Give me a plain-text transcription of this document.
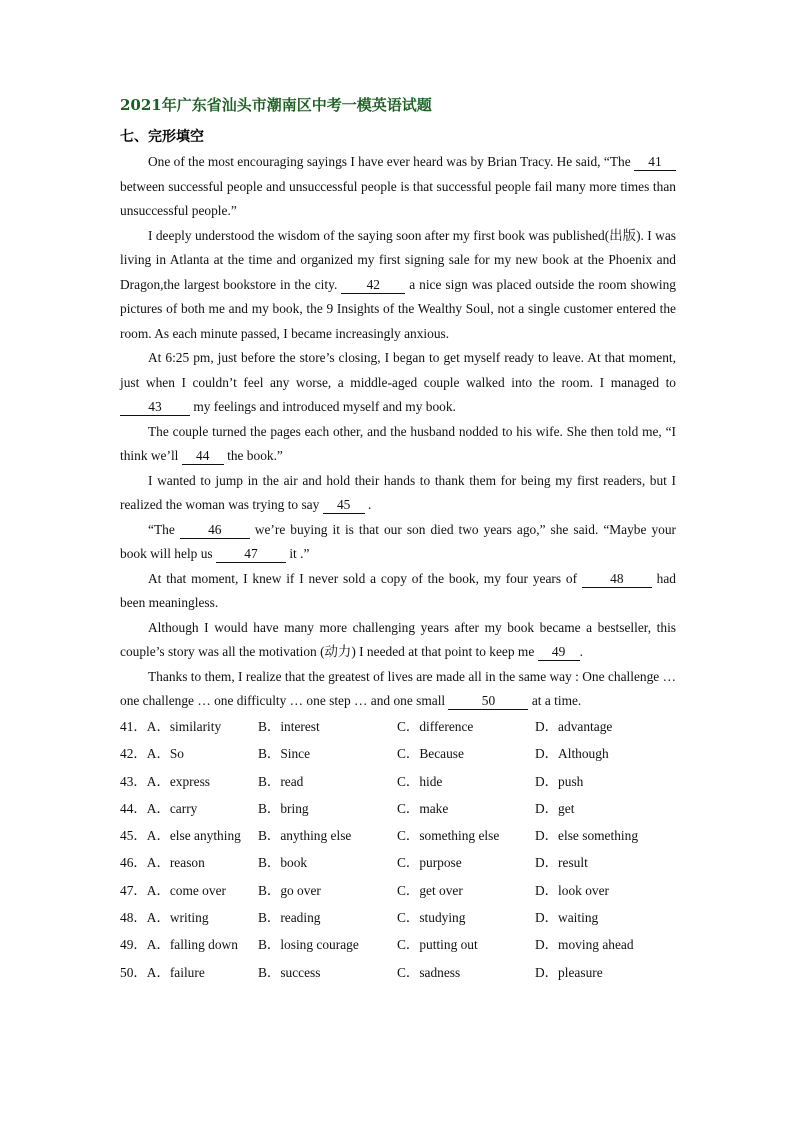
2021年广东省汕头市潮南区中考一模英语试题
七、完形填空

One of the most encouraging sayings I have ever heard was by Brian Tracy. He said, “The 41 between successful people and unsuccessful people is that successful people fail many more times than unsuccessful people.”

I deeply understood the wisdom of the saying soon after my first book was published(出版). I was living in Atlanta at the time and organized my first signing sale for my new book at the Phoenix and Dragon,the largest bookstore in the city. 42 a nice sign was placed outside the room showing pictures of both me and my book, the 9 Insights of the Wealthy Soul, not a single customer entered the room. As each minute passed, I became increasingly anxious.

At 6:25 pm, just before the store’s closing, I began to get myself ready to leave. At that moment, just when I couldn’t feel any worse, a middle-aged couple walked into the room. I managed to 43 my feelings and introduced myself and my book.

The couple turned the pages each other, and the husband nodded to his wife. She then told me, “I think we’ll 44 the book.”

I wanted to jump in the air and hold their hands to thank them for being my first readers, but I realized the woman was trying to say 45 .

“The 46 we’re buying it is that our son died two years ago,” she said. “Maybe your book will help us 47 it .”

At that moment, I knew if I never sold a copy of the book, my four years of 48 had been meaningless.

Although I would have many more challenging years after my book became a bestseller, this couple’s story was all the motivation (动力) I needed at that point to keep me 49 .

Thanks to them, I realize that the greatest of lives are made all in the same way : One challenge … one challenge … one difficulty … one step … and one small 50 at a time.

41．A．similarity	B．interest	C．difference	D．advantage
42．A．So	B．Since	C．Because	D．Although
43．A．express	B．read	C．hide	D．push
44．A．carry	B．bring	C．make	D．get
45．A．else anything B．anything else	C．something else	D．else something
46．A．reason	B．book	C．purpose	D．result
47．A．come over B．go over	C．get over	D．look over
48．A．writing	B．reading	C．studying	D．waiting
49．A．falling down B．losing courage	C．putting out	D．moving ahead
50．A．failure	B．success	C．sadness	D．pleasure
